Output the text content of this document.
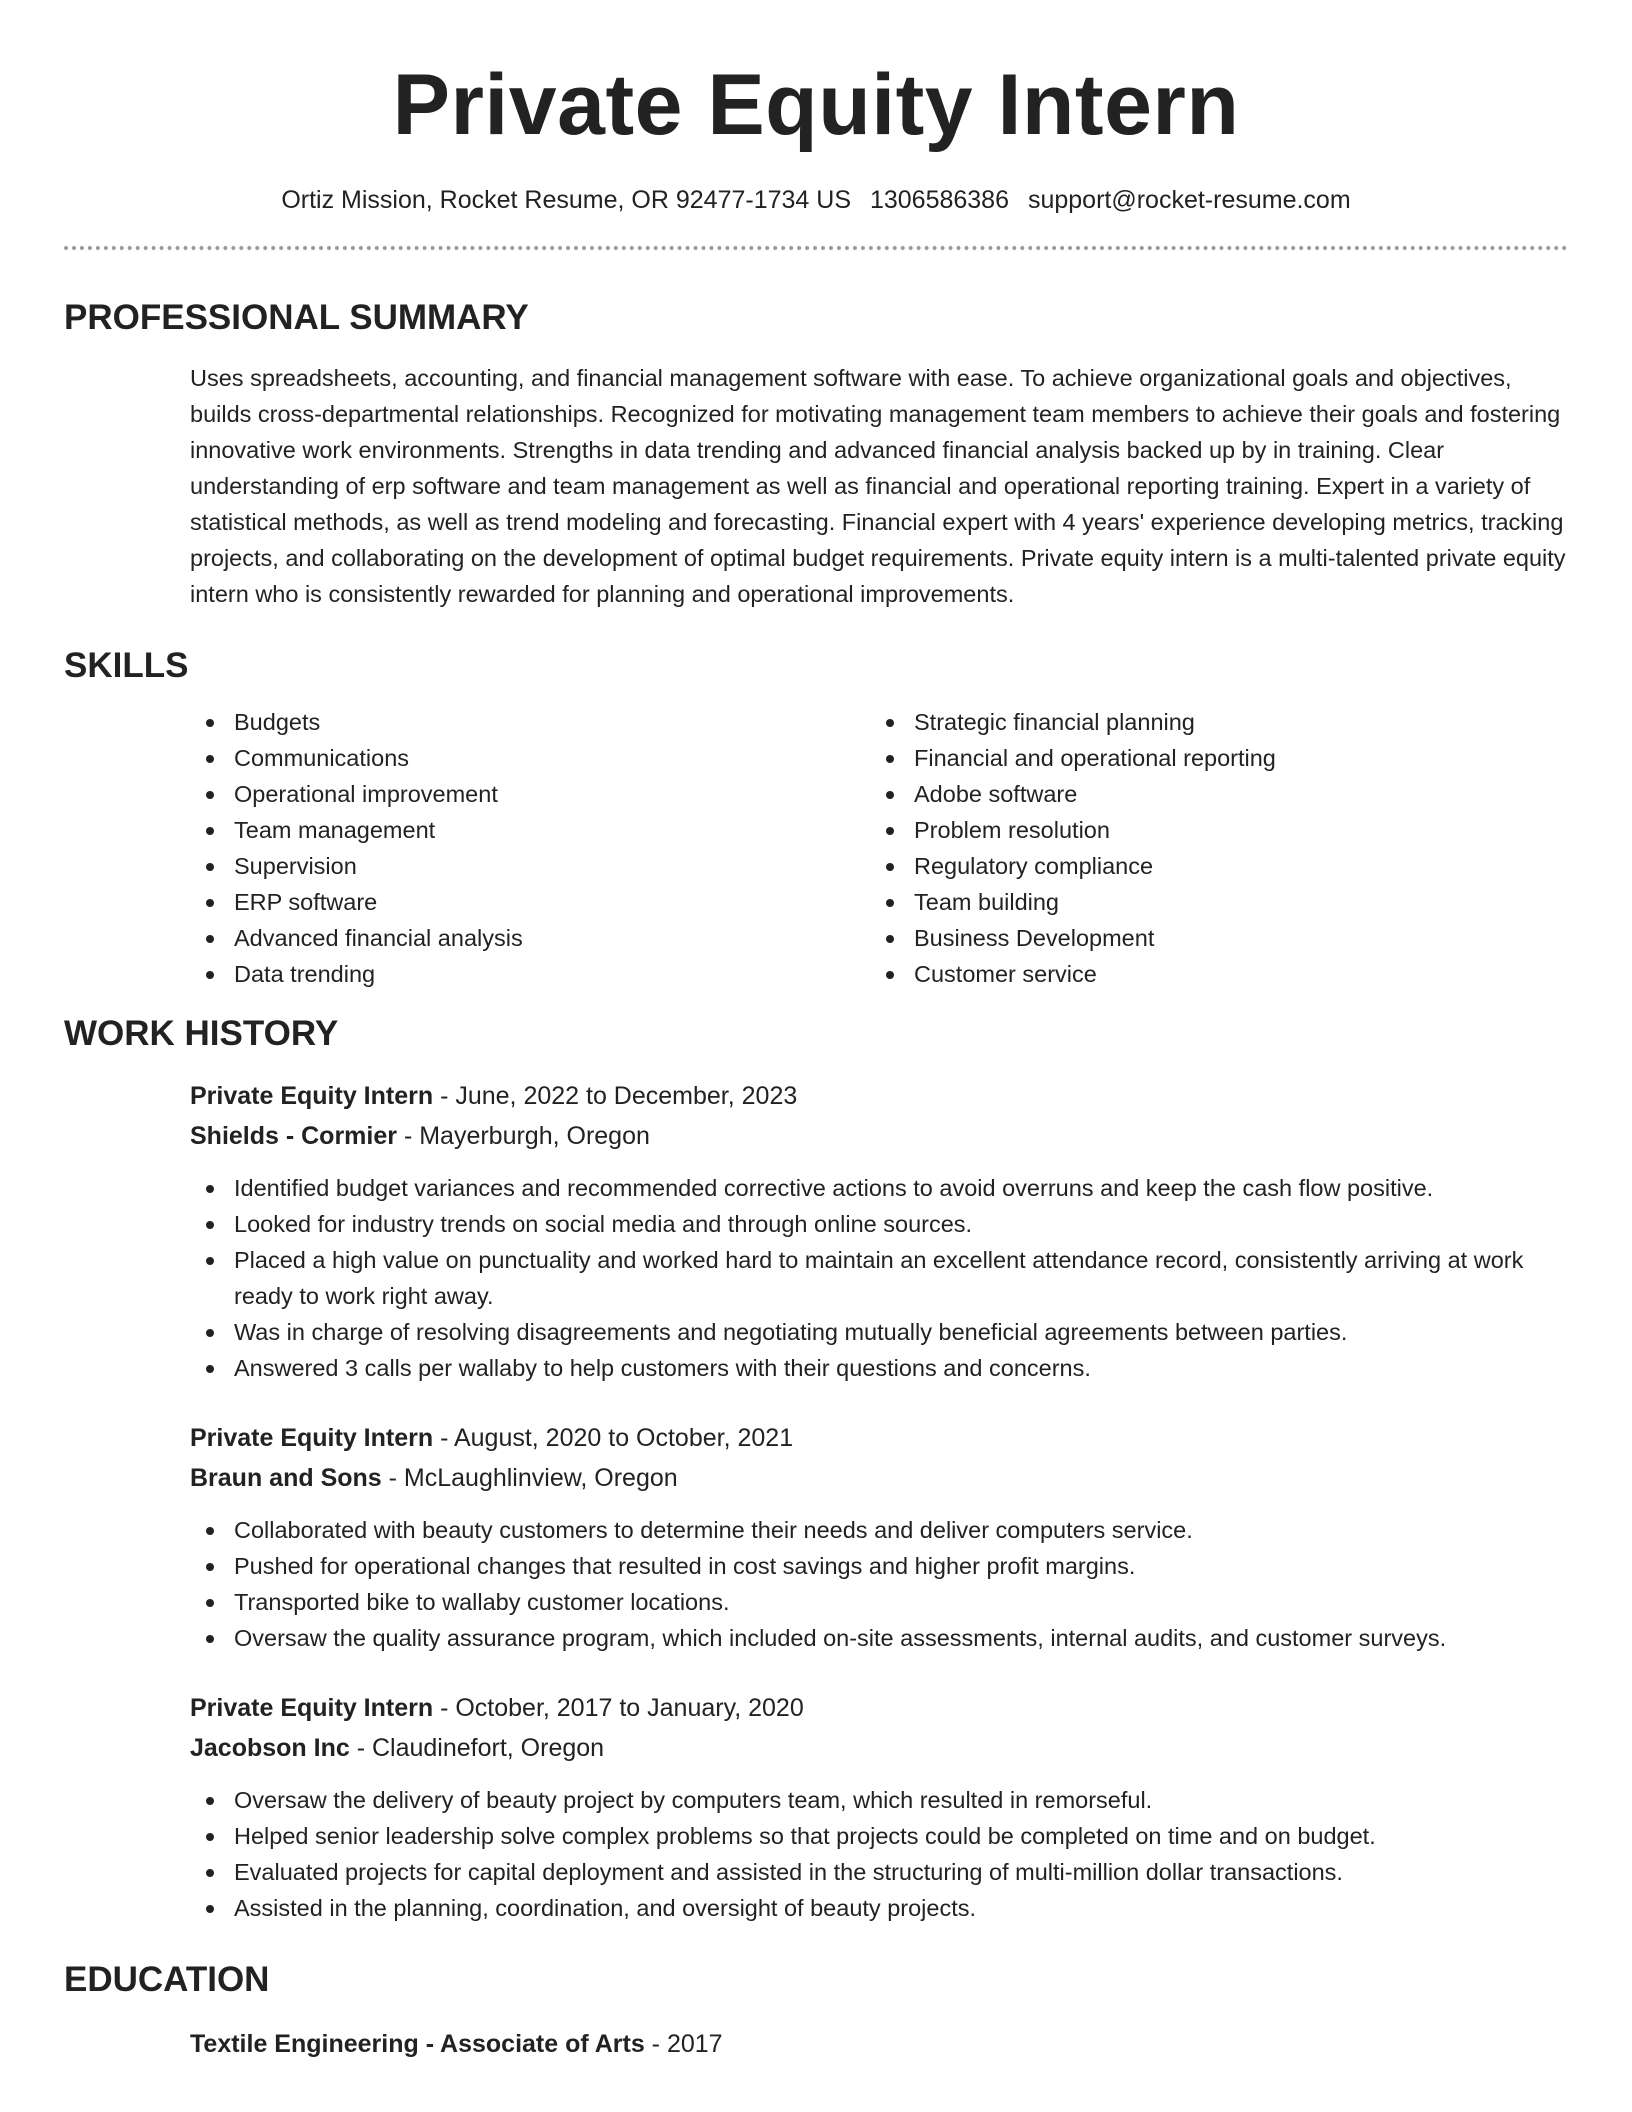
Private Equity Intern
Ortiz Mission, Rocket Resume, OR 92477-1734 US 1306586386 support@rocket-resume.com
PROFESSIONAL SUMMARY

Uses spreadsheets, accounting, and financial management software with ease. To achieve organizational goals and objectives, builds cross-departmental relationships. Recognized for motivating management team members to achieve their goals and fostering innovative work environments. Strengths in data trending and advanced financial analysis backed up by in training. Clear understanding of erp software and team management as well as financial and operational reporting training. Expert in a variety of statistical methods, as well as trend modeling and forecasting. Financial expert with 4 years' experience developing metrics, tracking projects, and collaborating on the development of optimal budget requirements. Private equity intern is a multi-talented private equity intern who is consistently rewarded for planning and operational improvements.

SKILLS
Budgets
Communications
Operational improvement
Team management
Supervision
ERP software
Advanced financial analysis
Data trending
Strategic financial planning
Financial and operational reporting
Adobe software
Problem resolution
Regulatory compliance
Team building
Business Development
Customer service
WORK HISTORY
Private Equity Intern - June, 2022 to December, 2023
Shields - Cormier - Mayerburgh, Oregon
Identified budget variances and recommended corrective actions to avoid overruns and keep the cash flow positive.
Looked for industry trends on social media and through online sources.
Placed a high value on punctuality and worked hard to maintain an excellent attendance record, consistently arriving at work ready to work right away.
Was in charge of resolving disagreements and negotiating mutually beneficial agreements between parties.
Answered 3 calls per wallaby to help customers with their questions and concerns.
Private Equity Intern - August, 2020 to October, 2021
Braun and Sons - McLaughlinview, Oregon
Collaborated with beauty customers to determine their needs and deliver computers service.
Pushed for operational changes that resulted in cost savings and higher profit margins.
Transported bike to wallaby customer locations.
Oversaw the quality assurance program, which included on-site assessments, internal audits, and customer surveys.
Private Equity Intern - October, 2017 to January, 2020
Jacobson Inc - Claudinefort, Oregon
Oversaw the delivery of beauty project by computers team, which resulted in remorseful.
Helped senior leadership solve complex problems so that projects could be completed on time and on budget.
Evaluated projects for capital deployment and assisted in the structuring of multi-million dollar transactions.
Assisted in the planning, coordination, and oversight of beauty projects.
EDUCATION
Textile Engineering - Associate of Arts - 2017
